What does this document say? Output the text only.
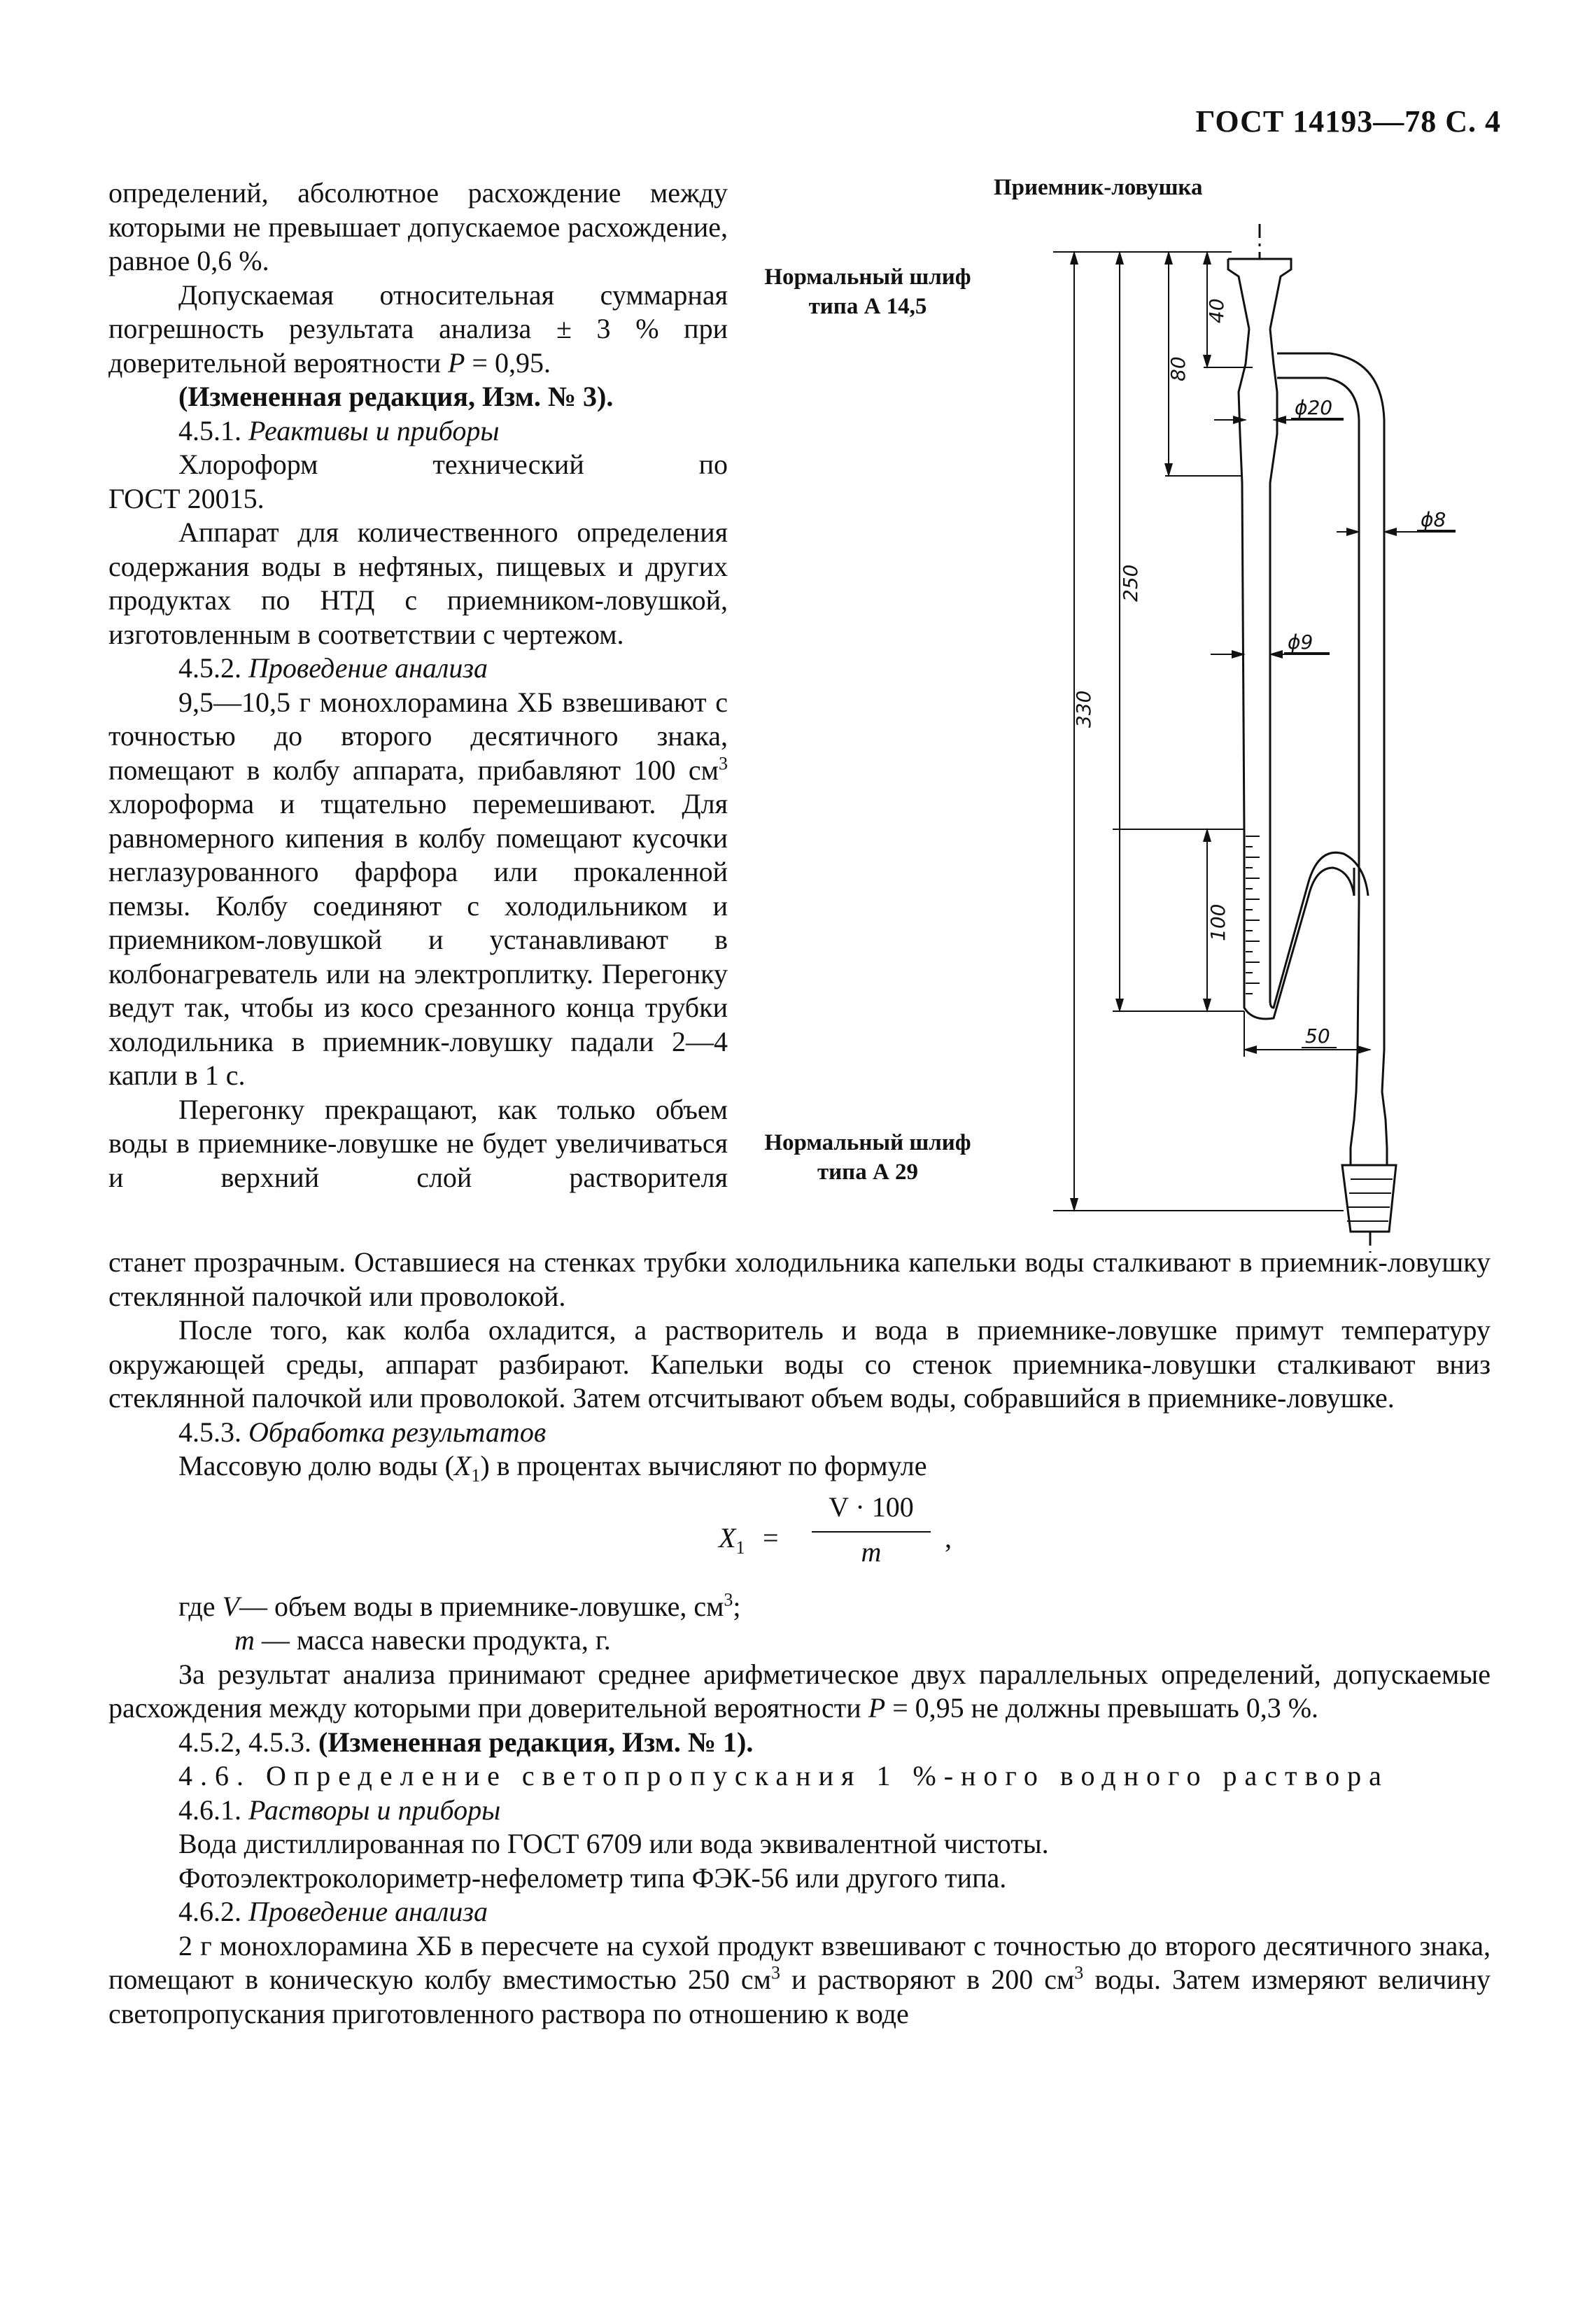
ГОСТ 14193—78 С. 4

определений, абсолютное расхождение между которыми не превышает допускаемое расхождение, равное 0,6 %.

Допускаемая относительная суммарная погрешность результата анализа ± 3 % при доверительной вероятности P = 0,95.

(Измененная редакция, Изм. № 3).

4.5.1. Реактивы и приборы

Хлороформ технический по

ГОСТ 20015.

Аппарат для количественного определения содержания воды в нефтяных, пищевых и других продуктах по НТД с приемником-ловушкой, изготовленным в соответствии с чертежом.

4.5.2. Проведение анализа

9,5—10,5 г монохлорамина ХБ взвешивают с точностью до второго десятичного знака, помещают в колбу аппарата, прибавляют 100 $см^3$ хлороформа и тщательно перемешивают. Для равномерного кипения в колбу помещают кусочки неглазурованного фарфора или прокаленной пемзы. Колбу соединяют с холодильником и приемником-ловушкой и устанавливают в колбонагреватель или на электроплитку. Перегонку ведут так, чтобы из косо срезанного конца трубки холодильника в приемник-ловушку падали 2—4 капли в 1 с.

Перегонку прекращают, как только объем воды в приемнике-ловушке не будет увеличиваться и верхний слой растворителя

станет прозрачным. Оставшиеся на стенках трубки холодильника капельки воды сталкивают в приемник-ловушку стеклянной палочкой или проволокой.

После того, как колба охладится, а растворитель и вода в приемнике-ловушке примут температуру окружающей среды, аппарат разбирают. Капельки воды со стенок приемника-ловушки сталкивают вниз стеклянной палочкой или проволокой. Затем отсчитывают объем воды, собравшийся в приемнике-ловушке.

4.5.3. Обработка результатов

Массовую долю воды $(X_1)$ в процентах вычисляют по формуле

$X_1$ =
V · 100
m	,

где V— объем воды в приемнике-ловушке, $см^3$;

m — масса навески продукта, г.

За результат анализа принимают среднее арифметическое двух параллельных определений, допускаемые расхождения между которыми при доверительной вероятности P = 0,95 не должны превышать 0,3 %.

4.5.2, 4.5.3. (Измененная редакция, Изм. № 1).

4.6. Определение светопропускания 1 %-ного водного раствора

4.6.1. Растворы и приборы

Вода дистиллированная по ГОСТ 6709 или вода эквивалентной чистоты.

Фотоэлектроколориметр-нефелометр типа ФЭК-56 или другого типа.

4.6.2. Проведение анализа

2 г монохлорамина ХБ в пересчете на сухой продукт взвешивают с точностью до второго десятичного знака, помещают в коническую колбу вместимостью 250 $см^3$ и растворяют в 200 $см^3$ воды. Затем измеряют величину светопропускания приготовленного раствора по отношению к воде

Приемник-ловушка
Нормальный шлиф
типа А 14,5
Нормальный шлиф
типа А 29
330
250
80
40
100
50
ϕ20
ϕ8
ϕ9
